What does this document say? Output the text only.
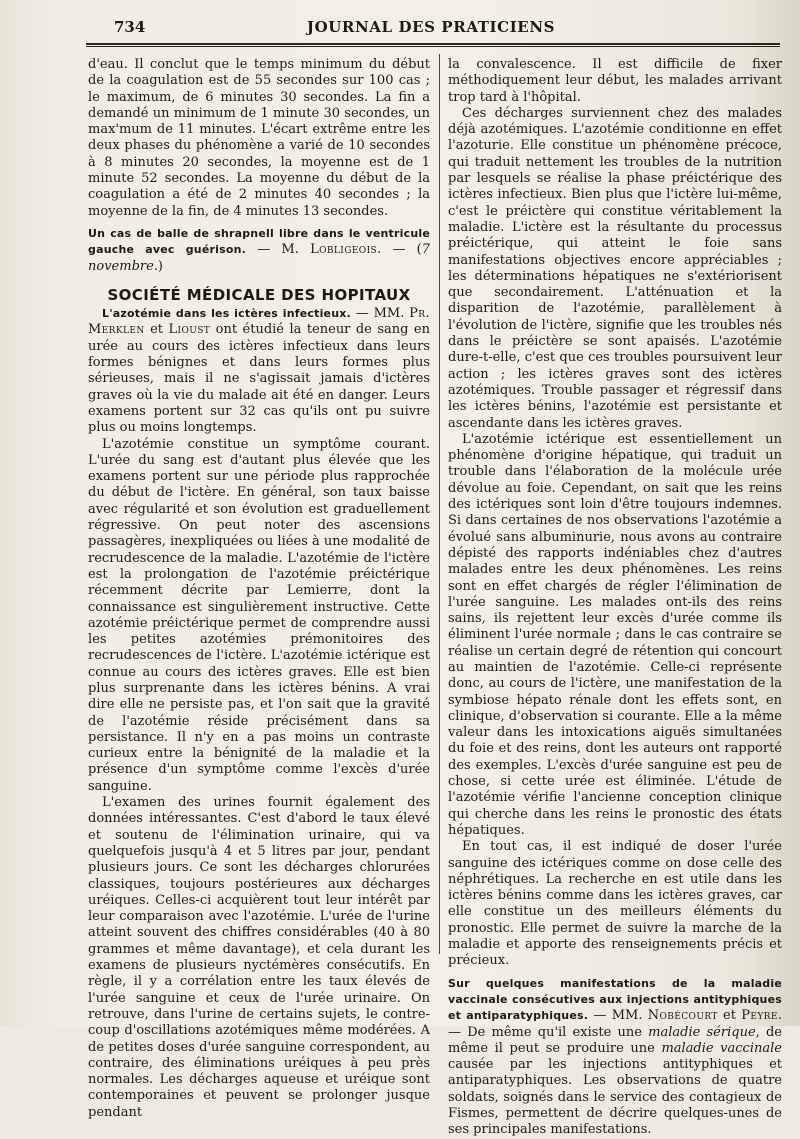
734	JOURNAL DES PRATICIENS

d'eau. Il conclut que le temps minimum du début de la coagulation est de 55 secondes sur 100 cas ; le maximum, de 6 minutes 30 secondes. La fin a demandé un minimum de 1 minute 30 secondes, un max'mum de 11 minutes. L'écart extrême entre les deux phases du phénomène a varié de 10 secondes à 8 minutes 20 secondes, la moyenne est de 1 minute 52 secondes. La moyenne du début de la coagulation a été de 2 minutes 40 secondes ; la moyenne de la fin, de 4 minutes 13 secondes.

Un cas de balle de shrapnell libre dans le ventricule gauche avec guérison. — M. Lobligeois. — (7 novembre.)

SOCIÉTÉ MÉDICALE DES HOPITAUX

L'azotémie dans les ictères infectieux. — MM. Pr. Merklen et Lioust ont étudié la teneur de sang en urée au cours des ictères infectieux dans leurs formes bénignes et dans leurs formes plus sérieuses, mais il ne s'agissait jamais d'ictères graves où la vie du malade ait été en danger. Leurs examens portent sur 32 cas qu'ils ont pu suivre plus ou moins longtemps.

L'azotémie constitue un symptôme courant. L'urée du sang est d'autant plus élevée que les examens portent sur une période plus rapprochée du début de l'ictère. En général, son taux baisse avec régularité et son évolution est graduellement régressive. On peut noter des ascensions passagères, inexpliquées ou liées à une modalité de recrudescence de la maladie. L'azotémie de l'ictère est la prolongation de l'azotémie préictérique récemment décrite par Lemierre, dont la connaissance est singulièrement instructive. Cette azotémie préictérique permet de comprendre aussi les petites azotémies prémonitoires des recrudescences de l'ictère. L'azotémie ictérique est connue au cours des ictères graves. Elle est bien plus surprenante dans les ictères bénins. A vrai dire elle ne persiste pas, et l'on sait que la gravité de l'azotémie réside précisément dans sa persistance. Il n'y en a pas moins un contraste curieux entre la bénignité de la maladie et la présence d'un symptôme comme l'excès d'urée sanguine.

L'examen des urines fournit également des données intéressantes. C'est d'abord le taux élevé et soutenu de l'élimination urinaire, qui va quelquefois jusqu'à 4 et 5 litres par jour, pendant plusieurs jours. Ce sont les décharges chlorurées classiques, toujours postérieures aux décharges uréiques. Celles-ci acquièrent tout leur intérêt par leur comparaison avec l'azotémie. L'urée de l'urine atteint souvent des chiffres considérables (40 à 80 grammes et même davantage), et cela durant les examens de plusieurs nyctémères consécutifs. En règle, il y a corrélation entre les taux élevés de l'urée sanguine et ceux de l'urée urinaire. On retrouve, dans l'urine de certains sujets, le contre-coup d'oscillations azotémiques même modérées. A de petites doses d'urée sanguine correspondent, au contraire, des éliminations uréiques à peu près normales. Les décharges aqueuse et uréique sont contemporaines et peuvent se prolonger jusque pendant

la convalescence. Il est difficile de fixer méthodiquement leur début, les malades arrivant trop tard à l'hôpital.

Ces décharges surviennent chez des malades déjà azotémiques. L'azotémie conditionne en effet l'azoturie. Elle constitue un phénomène précoce, qui traduit nettement les troubles de la nutrition par lesquels se réalise la phase préictérique des ictères infectieux. Bien plus que l'ictère lui-même, c'est le préictère qui constitue véritablement la maladie. L'ictère est la résultante du processus préictérique, qui atteint le foie sans manifestations objectives encore appréciables ; les déterminations hépatiques ne s'extériorisent que secondairement. L'atténuation et la disparition de l'azotémie, parallèlement à l'évolution de l'ictère, signifie que les troubles nés dans le préictère se sont apaisés. L'azotémie dure-t-elle, c'est que ces troubles poursuivent leur action ; les ictères graves sont des ictères azotémiques. Trouble passager et régressif dans les ictères bénins, l'azotémie est persistante et ascendante dans les ictères graves.

L'azotémie ictérique est essentiellement un phénomène d'origine hépatique, qui traduit un trouble dans l'élaboration de la molécule urée dévolue au foie. Cependant, on sait que les reins des ictériques sont loin d'être toujours indemnes. Si dans certaines de nos observations l'azotémie a évolué sans albuminurie, nous avons au contraire dépisté des rapports indéniables chez d'autres malades entre les deux phénomènes. Les reins sont en effet chargés de régler l'élimination de l'urée sanguine. Les malades ont-ils des reins sains, ils rejettent leur excès d'urée comme ils éliminent l'urée normale ; dans le cas contraire se réalise un certain degré de rétention qui concourt au maintien de l'azotémie. Celle-ci représente donc, au cours de l'ictère, une manifestation de la symbiose hépato rénale dont les effets sont, en clinique, d'observation si courante. Elle a la même valeur dans les intoxications aiguës simultanées du foie et des reins, dont les auteurs ont rapporté des exemples. L'excès d'urée sanguine est peu de chose, si cette urée est éliminée. L'étude de l'azotémie vérifie l'ancienne conception clinique qui cherche dans les reins le pronostic des états hépatiques.

En tout cas, il est indiqué de doser l'urée sanguine des ictériques comme on dose celle des néphrétiques. La recherche en est utile dans les ictères bénins comme dans les ictères graves, car elle constitue un des meilleurs éléments du pronostic. Elle permet de suivre la marche de la maladie et apporte des renseignements précis et précieux.

Sur quelques manifestations de la maladie vaccinale consécutives aux injections antityphiques et antiparatyphiques. — MM. Nobécourt et Peyre. — De même qu'il existe une maladie sérique, de même il peut se produire une maladie vaccinale causée par les injections antityphiques et antiparatyphiques. Les observations de quatre soldats, soignés dans le service des contagieux de Fismes, permettent de décrire quelques-unes de ses principales manifestations.
